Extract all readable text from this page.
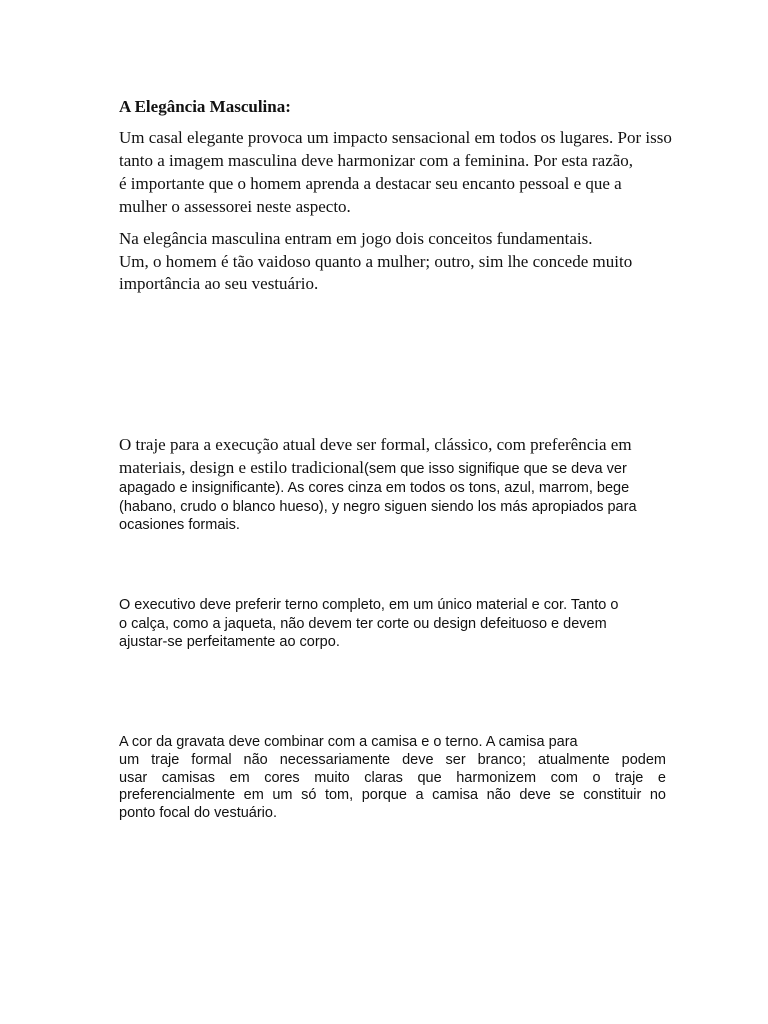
A Elegância Masculina:
Um casal elegante provoca um impacto sensacional em todos os lugares. Por isso
tanto a imagem masculina deve harmonizar com a feminina. Por esta razão,
é importante que o homem aprenda a destacar seu encanto pessoal e que a
mulher o assessorei neste aspecto.
Na elegância masculina entram em jogo dois conceitos fundamentais.
Um, o homem é tão vaidoso quanto a mulher; outro, sim lhe concede muito
importância ao seu vestuário.
O traje para a execução atual deve ser formal, clássico, com preferência em
materiais, design e estilo tradicional(sem que isso signifique que se deva ver
apagado e insignificante). As cores cinza em todos os tons, azul, marrom, bege
(habano, crudo o blanco hueso), y negro siguen siendo los más apropiados para
ocasiones formais.
O executivo deve preferir terno completo, em um único material e cor. Tanto o
o calça, como a jaqueta, não devem ter corte ou design defeituoso e devem
ajustar-se perfeitamente ao corpo.
A cor da gravata deve combinar com a camisa e o terno. A camisa para
um traje formal não necessariamente deve ser branco; atualmente podem
usar camisas em cores muito claras que harmonizem com o traje e
preferencialmente em um só tom, porque a camisa não deve se constituir no
ponto focal do vestuário.
